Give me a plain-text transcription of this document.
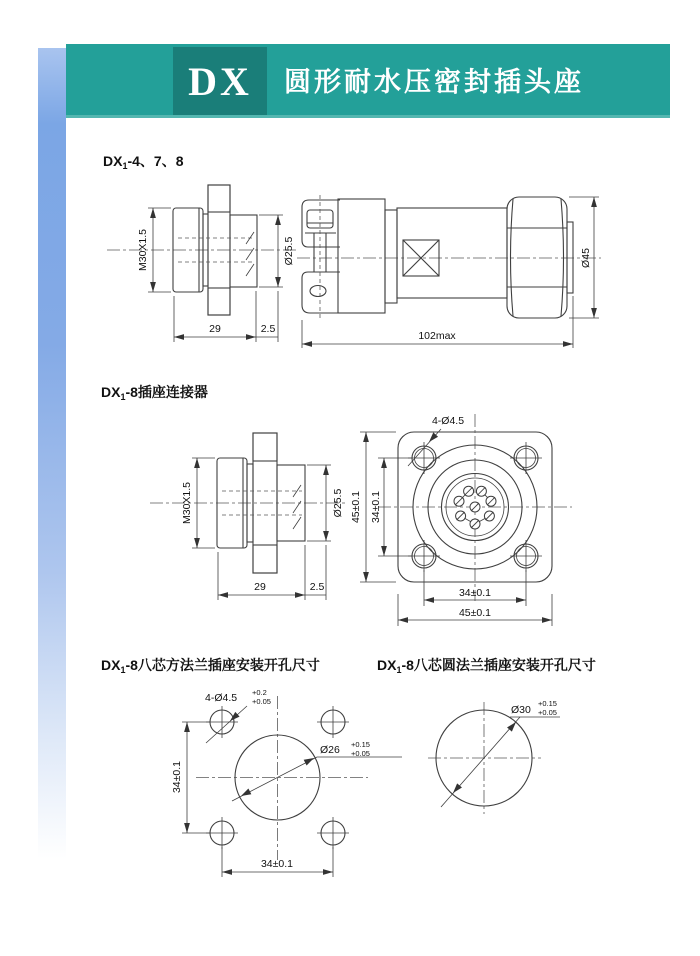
DX 圆形耐水压密封插头座
$DX_1-4$、7、8
$DX_1-8$插座连接器
$DX_1-8$八芯方法兰插座安装开孔尺寸	$DX_1-8$八芯圆法兰插座安装开孔尺寸
M30X1.5	Ø25.5
29	2.5
Ø45
102max
M30X1.5	Ø25.5
29	2.5
45±0.1 34±0.1
34±0.1
45±0.1
4-Ø4.5
Ø26 +0.15
+0.05
4-Ø4.5 +0.2
+0.05
34±0.1
34±0.1
Ø30
+0.15
+0.05
